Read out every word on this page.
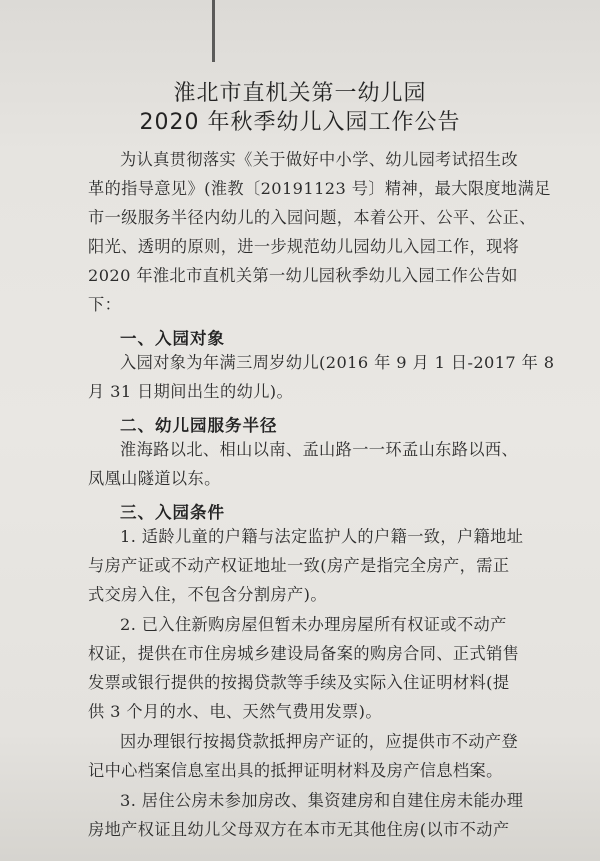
淮北市直机关第一幼儿园
2020 年秋季幼儿入园工作公告
为认真贯彻落实《关于做好中小学、幼儿园考试招生改
革的指导意见》(淮教〔20191123 号〕精神，最大限度地满足
市一级服务半径内幼儿的入园问题，本着公开、公平、公正、
阳光、透明的原则，进一步规范幼儿园幼儿入园工作，现将
2020 年淮北市直机关第一幼儿园秋季幼儿入园工作公告如
下：
一、入园对象
入园对象为年满三周岁幼儿(2016 年 9 月 1 日-2017 年 8
月 31 日期间出生的幼儿)。
二、幼儿园服务半径
淮海路以北、相山以南、孟山路一一环孟山东路以西、
凤凰山隧道以东。
三、入园条件
1. 适龄儿童的户籍与法定监护人的户籍一致，户籍地址
与房产证或不动产权证地址一致(房产是指完全房产，需正
式交房入住，不包含分割房产)。
2. 已入住新购房屋但暂未办理房屋所有权证或不动产
权证，提供在市住房城乡建设局备案的购房合同、正式销售
发票或银行提供的按揭贷款等手续及实际入住证明材料(提
供 3 个月的水、电、天然气费用发票)。
因办理银行按揭贷款抵押房产证的，应提供市不动产登
记中心档案信息室出具的抵押证明材料及房产信息档案。
3. 居住公房未参加房改、集资建房和自建住房未能办理
房地产权证且幼儿父母双方在本市无其他住房(以市不动产
